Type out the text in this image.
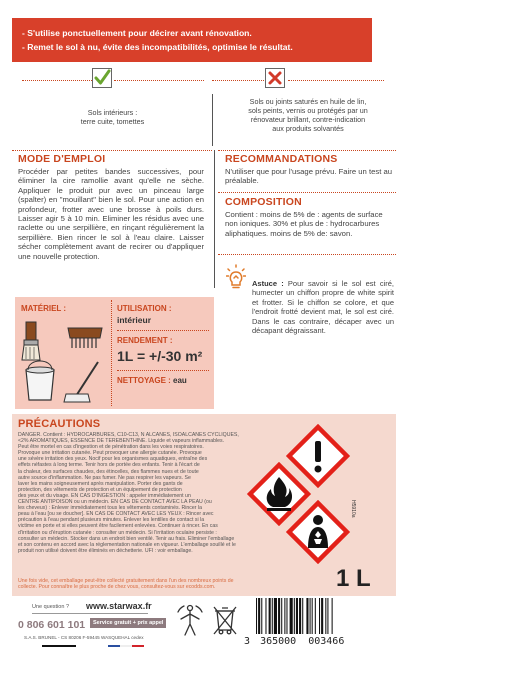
- S'utilise ponctuellement pour décirer avant rénovation.
- Remet le sol à nu, évite des incompatibilités, optimise le résultat.
Sols intérieurs :
terre cuite, tomettes
Sols ou joints saturés en huile de lin,
sols peints, vernis ou protégés par un
rénovateur brillant, contre-indication
aux produits solvantés
MODE D'EMPLOI
Procéder par petites bandes successives, pour éliminer la cire ramollie avant qu'elle ne sèche. Appliquer le produit pur avec un pinceau large (spalter) en "mouillant" bien le sol. Pour une action en profondeur, frotter avec une brosse à poils durs. Laisser agir 5 à 10 min. Eliminer les résidus avec une raclette ou une serpillière, en rinçant régulièrement la serpillière. Bien rincer le sol à l'eau claire. Laisser sécher complètement avant de recirer ou d'appliquer une nouvelle protection.
RECOMMANDATIONS
N'utiliser que pour l'usage prévu. Faire un test au préalable.
COMPOSITION
Contient : moins de 5% de : agents de surface non ioniques. 30% et plus de : hydrocarbures aliphatiques. moins de 5% de: savon.
Astuce : Pour savoir si le sol est ciré, humecter un chiffon propre de white spirit et frotter. Si le chiffon se colore, et que l'endroit frotté devient mat, le sol est ciré. Dans le cas contraire, décaper avec un décapant dégraissant.
MATÉRIEL :	UTILISATION :
intérieur
RENDEMENT :
1L = +/-30 m²
NETTOYAGE : eau
PRÉCAUTIONS
DANGER. Contient : HYDROCARBURES, C10-C13, N ALCANES, ISOALCANES CYCLIQUES,
<2% AROMATIQUES, ESSENCE DE TEREBENTHINE. Liquide et vapeurs inflammables.
Peut être mortel en cas d'ingestion et de pénétration dans les voies respiratoires.
Provoque une irritation cutanée. Peut provoquer une allergie cutanée. Provoque
une sévère irritation des yeux. Nocif pour les organismes aquatiques, entraîne des
effets néfastes à long terme. Tenir hors de portée des enfants. Tenir à l'écart de
la chaleur, des surfaces chaudes, des étincelles, des flammes nues et de toute
autre source d'inflammation. Ne pas fumer. Ne pas respirer les vapeurs. Se
laver les mains soigneusement après manipulation. Porter des gants de
protection, des vêtements de protection et un équipement de protection
des yeux et du visage. EN CAS D'INGESTION : appeler immédiatement un
CENTRE ANTIPOISON ou un médecin. EN CAS DE CONTACT AVEC LA PEAU (ou
les cheveux) : Enlever immédiatement tous les vêtements contaminés. Rincer la
peau à l'eau [ou se doucher]. EN CAS DE CONTACT AVEC LES YEUX : Rincer avec
précaution à l'eau pendant plusieurs minutes. Enlever les lentilles de contact si la
victime en porte et si elles peuvent être facilement enlevées. Continuer à rincer. En cas
d'irritation ou d'éruption cutanée : consulter un médecin. Si l'irritation oculaire persiste :
consulter un médecin. Stocker dans un endroit bien ventilé. Tenir au frais. Eliminer l'emballage
et son contenu en accord avec la réglementation nationale en vigueur. L'emballage souillé et le
produit non utilisé doivent être éliminés en déchetterie. UFI : voir emballage.
H5910a
1 L
Une fois vide, cet emballage peut-être collecté gratuitement dans l'un des nombreux points de
collecte. Pour connaître le plus proche de chez vous, consultez-vous sur ecodds.com.
Une question ? www.starwax.fr
0 806 601 101	Service gratuit + prix appel
S.A.S. BRUNEL - CS 80206 F-59445 WASQUEHAL cedex	3 365000 003466
